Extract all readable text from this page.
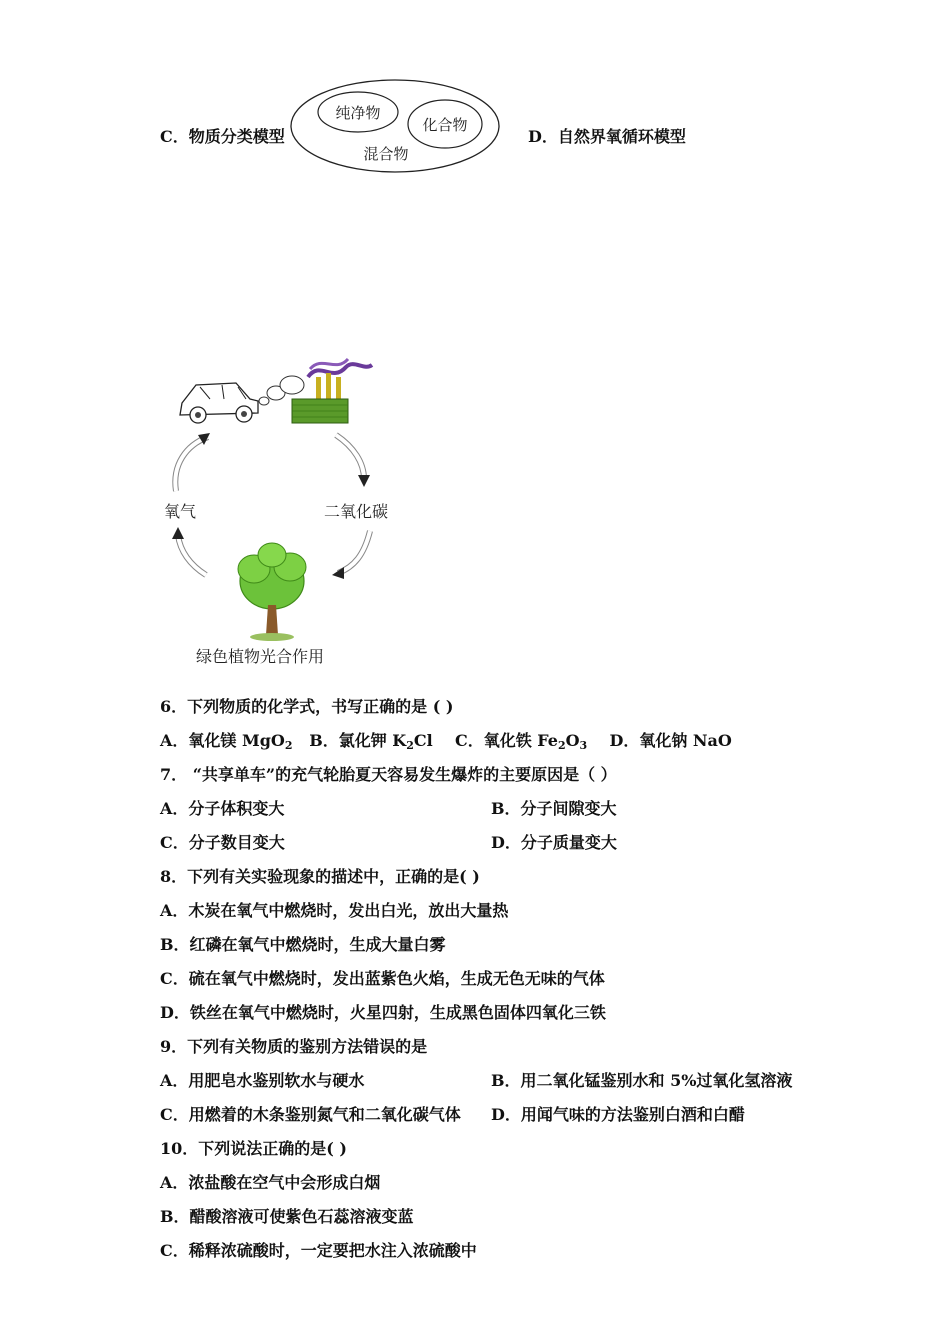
C．物质分类模型
纯净物
化合物
混合物
D．自然界氧循环模型
氧气	二氧化碳
绿色植物光合作用
6．下列物质的化学式，书写正确的是 ( )
A．氧化镁 MgO$_2$ B．氯化钾 $K_2Cl$ C．氧化铁 $Fe_2O_3$ D．氧化钠 NaO
7． “共享单车”的充气轮胎夏天容易发生爆炸的主要原因是（ ）
A．分子体积变大	B．分子间隙变大
C．分子数目变大	D．分子质量变大
8．下列有关实验现象的描述中，正确的是( )
A．木炭在氧气中燃烧时，发出白光，放出大量热
B．红磷在氧气中燃烧时，生成大量白雾
C．硫在氧气中燃烧时，发出蓝紫色火焰，生成无色无味的气体
D．铁丝在氧气中燃烧时，火星四射，生成黑色固体四氧化三铁
9．下列有关物质的鉴别方法错误的是
A．用肥皂水鉴别软水与硬水	B．用二氧化锰鉴别水和 5%过氧化氢溶液
C．用燃着的木条鉴别氮气和二氧化碳气体 D．用闻气味的方法鉴别白酒和白醋
10．下列说法正确的是( )
A．浓盐酸在空气中会形成白烟
B．醋酸溶液可使紫色石蕊溶液变蓝
C．稀释浓硫酸时，一定要把水注入浓硫酸中
